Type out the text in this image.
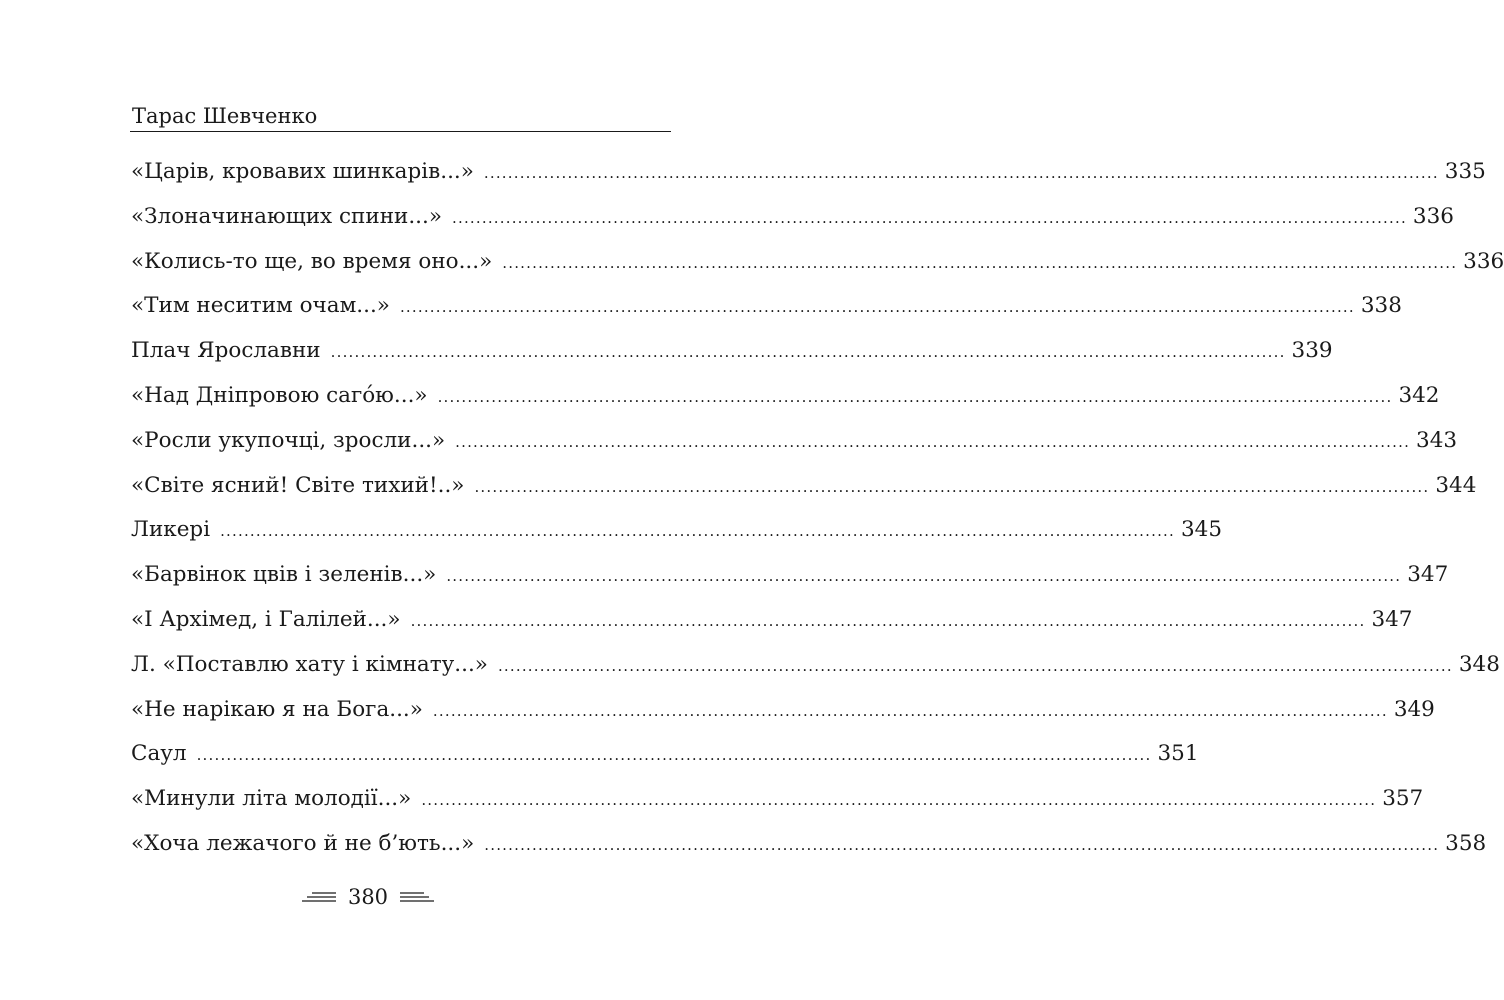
Тарас Шевченко
«Царів, кровавих шинкарів...» ................................................................................................................................................................ 335
«Злоначинающих спини...» ................................................................................................................................................................ 336
«Колись-то ще, во время оно...» ................................................................................................................................................................ 336
«Тим неситим очам...» ................................................................................................................................................................ 338
Плач Ярославни ................................................................................................................................................................ 339
«Над Дніпровою саго́ю...» ................................................................................................................................................................ 342
«Росли укупочці, зросли...» ................................................................................................................................................................ 343
«Світе ясний! Світе тихий!..» ................................................................................................................................................................ 344
Ликері ................................................................................................................................................................ 345
«Барвінок цвів і зеленів...» ................................................................................................................................................................ 347
«І Архімед, і Галілей...» ................................................................................................................................................................ 347
Л. «Поставлю хату і кімнату...» ................................................................................................................................................................ 348
«Не нарікаю я на Бога...» ................................................................................................................................................................ 349
Саул ................................................................................................................................................................ 351
«Минули літа молодії...» ................................................................................................................................................................ 357
«Хоча лежачого й не б’ють...» ................................................................................................................................................................ 358
380
